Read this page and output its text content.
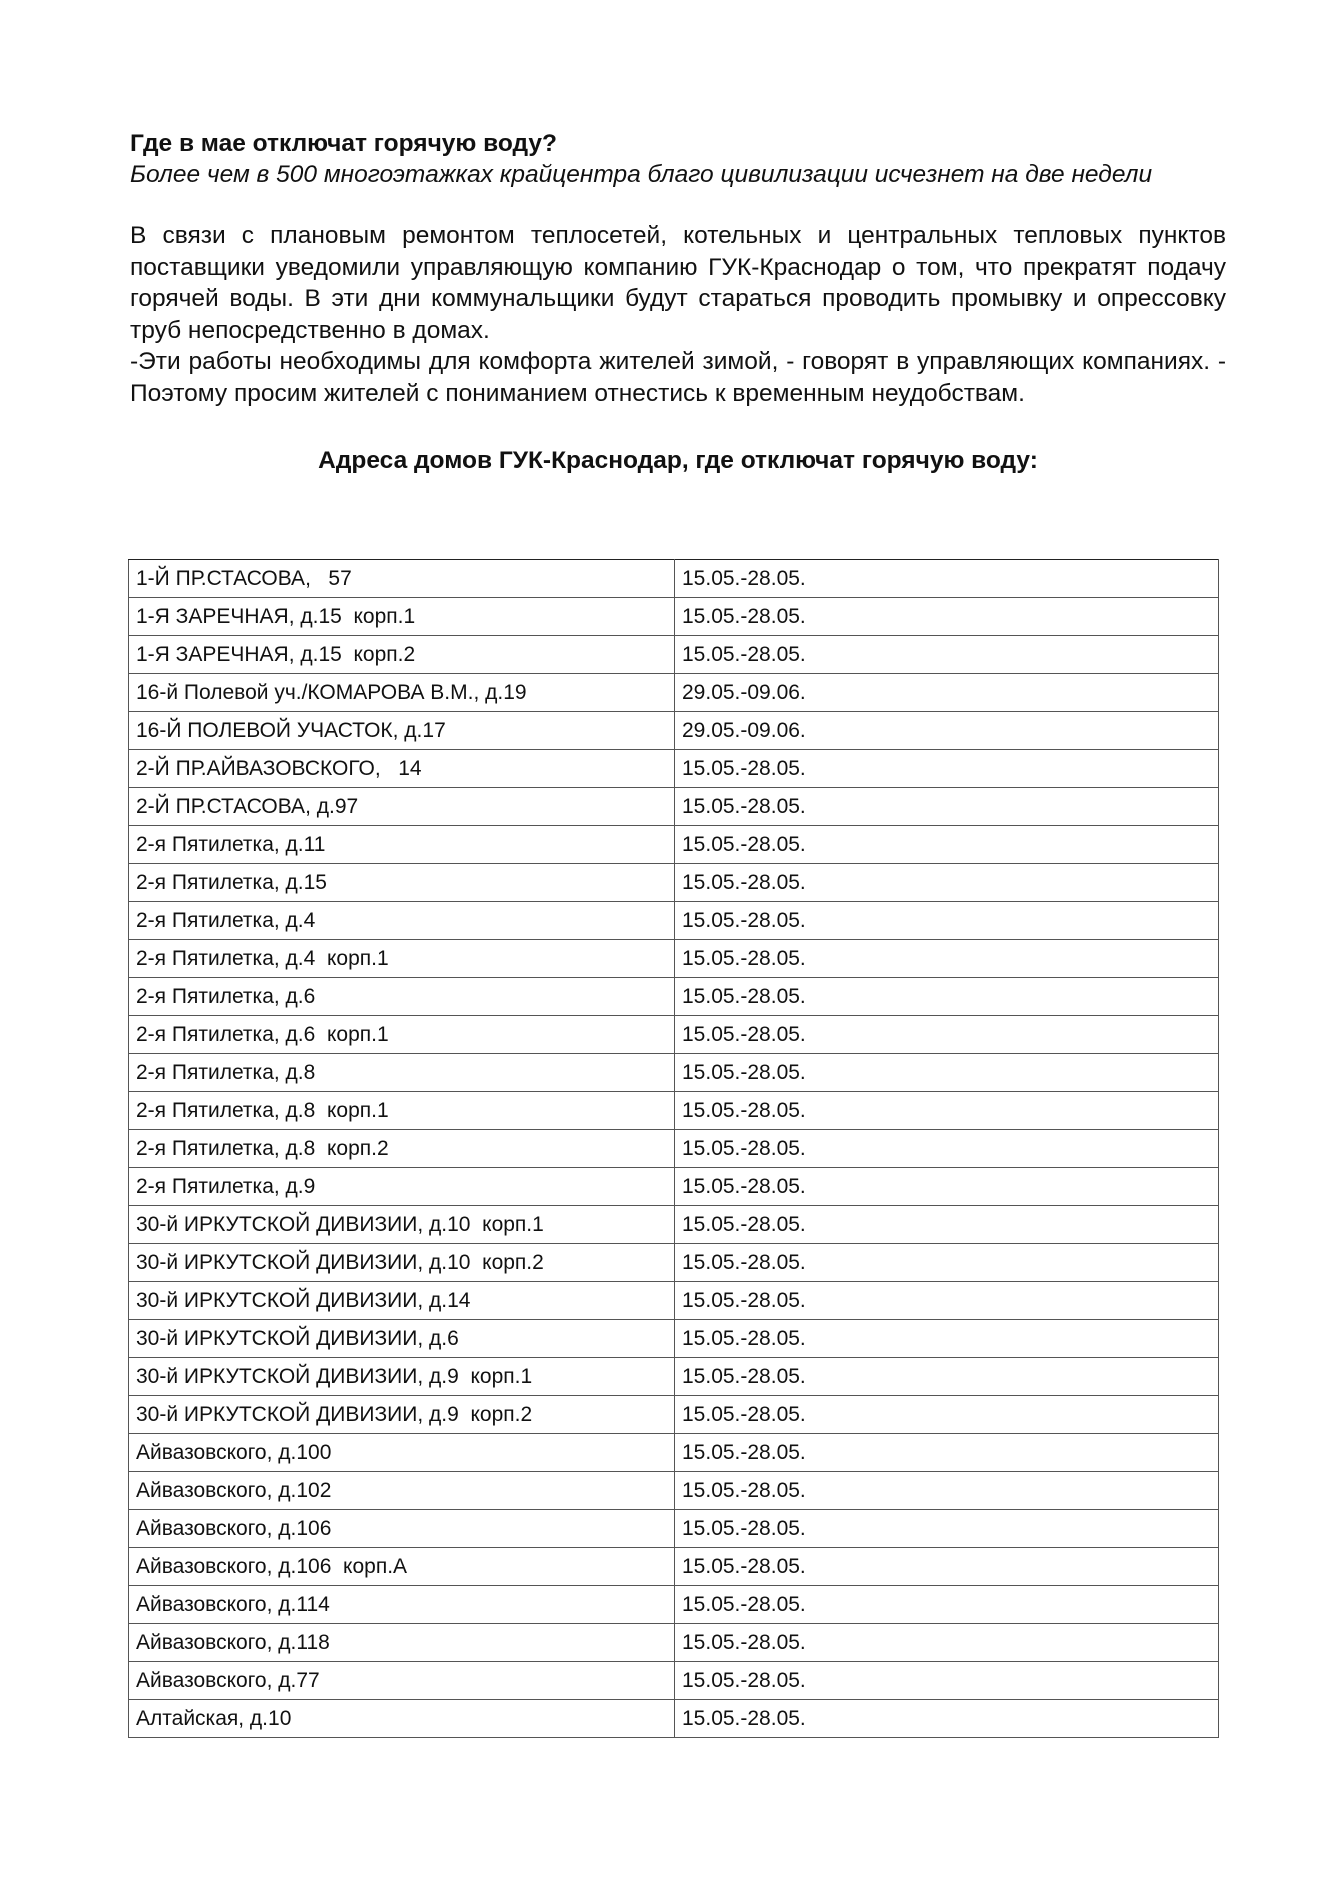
Где в мае отключат горячую воду?

Более чем в 500 многоэтажках крайцентра благо цивилизации исчезнет на две недели

В связи с плановым ремонтом теплосетей, котельных и центральных тепловых пунктов поставщики уведомили управляющую компанию ГУК-Краснодар о том, что прекратят подачу горячей воды. В эти дни коммунальщики будут стараться проводить промывку и опрессовку труб непосредственно в домах.

-Эти работы необходимы для комфорта жителей зимой, - говорят в управляющих компаниях. - Поэтому просим жителей с пониманием отнестись к временным неудобствам.

Адреса домов ГУК-Краснодар, где отключат горячую воду:

1-Й ПР.СТАСОВА,   57	15.05.-28.05.
1-Я ЗАРЕЧНАЯ, д.15  корп.1	15.05.-28.05.
1-Я ЗАРЕЧНАЯ, д.15  корп.2	15.05.-28.05.
16-й Полевой уч./КОМАРОВА В.М., д.19	29.05.-09.06.
16-Й ПОЛЕВОЙ УЧАСТОК, д.17	29.05.-09.06.
2-Й ПР.АЙВАЗОВСКОГО,   14	15.05.-28.05.
2-Й ПР.СТАСОВА, д.97	15.05.-28.05.
2-я Пятилетка, д.11	15.05.-28.05.
2-я Пятилетка, д.15	15.05.-28.05.
2-я Пятилетка, д.4	15.05.-28.05.
2-я Пятилетка, д.4  корп.1	15.05.-28.05.
2-я Пятилетка, д.6	15.05.-28.05.
2-я Пятилетка, д.6  корп.1	15.05.-28.05.
2-я Пятилетка, д.8	15.05.-28.05.
2-я Пятилетка, д.8  корп.1	15.05.-28.05.
2-я Пятилетка, д.8  корп.2	15.05.-28.05.
2-я Пятилетка, д.9	15.05.-28.05.
30-й ИРКУТСКОЙ ДИВИЗИИ, д.10  корп.1	15.05.-28.05.
30-й ИРКУТСКОЙ ДИВИЗИИ, д.10  корп.2	15.05.-28.05.
30-й ИРКУТСКОЙ ДИВИЗИИ, д.14	15.05.-28.05.
30-й ИРКУТСКОЙ ДИВИЗИИ, д.6	15.05.-28.05.
30-й ИРКУТСКОЙ ДИВИЗИИ, д.9  корп.1	15.05.-28.05.
30-й ИРКУТСКОЙ ДИВИЗИИ, д.9  корп.2	15.05.-28.05.
Айвазовского, д.100	15.05.-28.05.
Айвазовского, д.102	15.05.-28.05.
Айвазовского, д.106	15.05.-28.05.
Айвазовского, д.106  корп.А	15.05.-28.05.
Айвазовского, д.114	15.05.-28.05.
Айвазовского, д.118	15.05.-28.05.
Айвазовского, д.77	15.05.-28.05.
Алтайская, д.10	15.05.-28.05.
